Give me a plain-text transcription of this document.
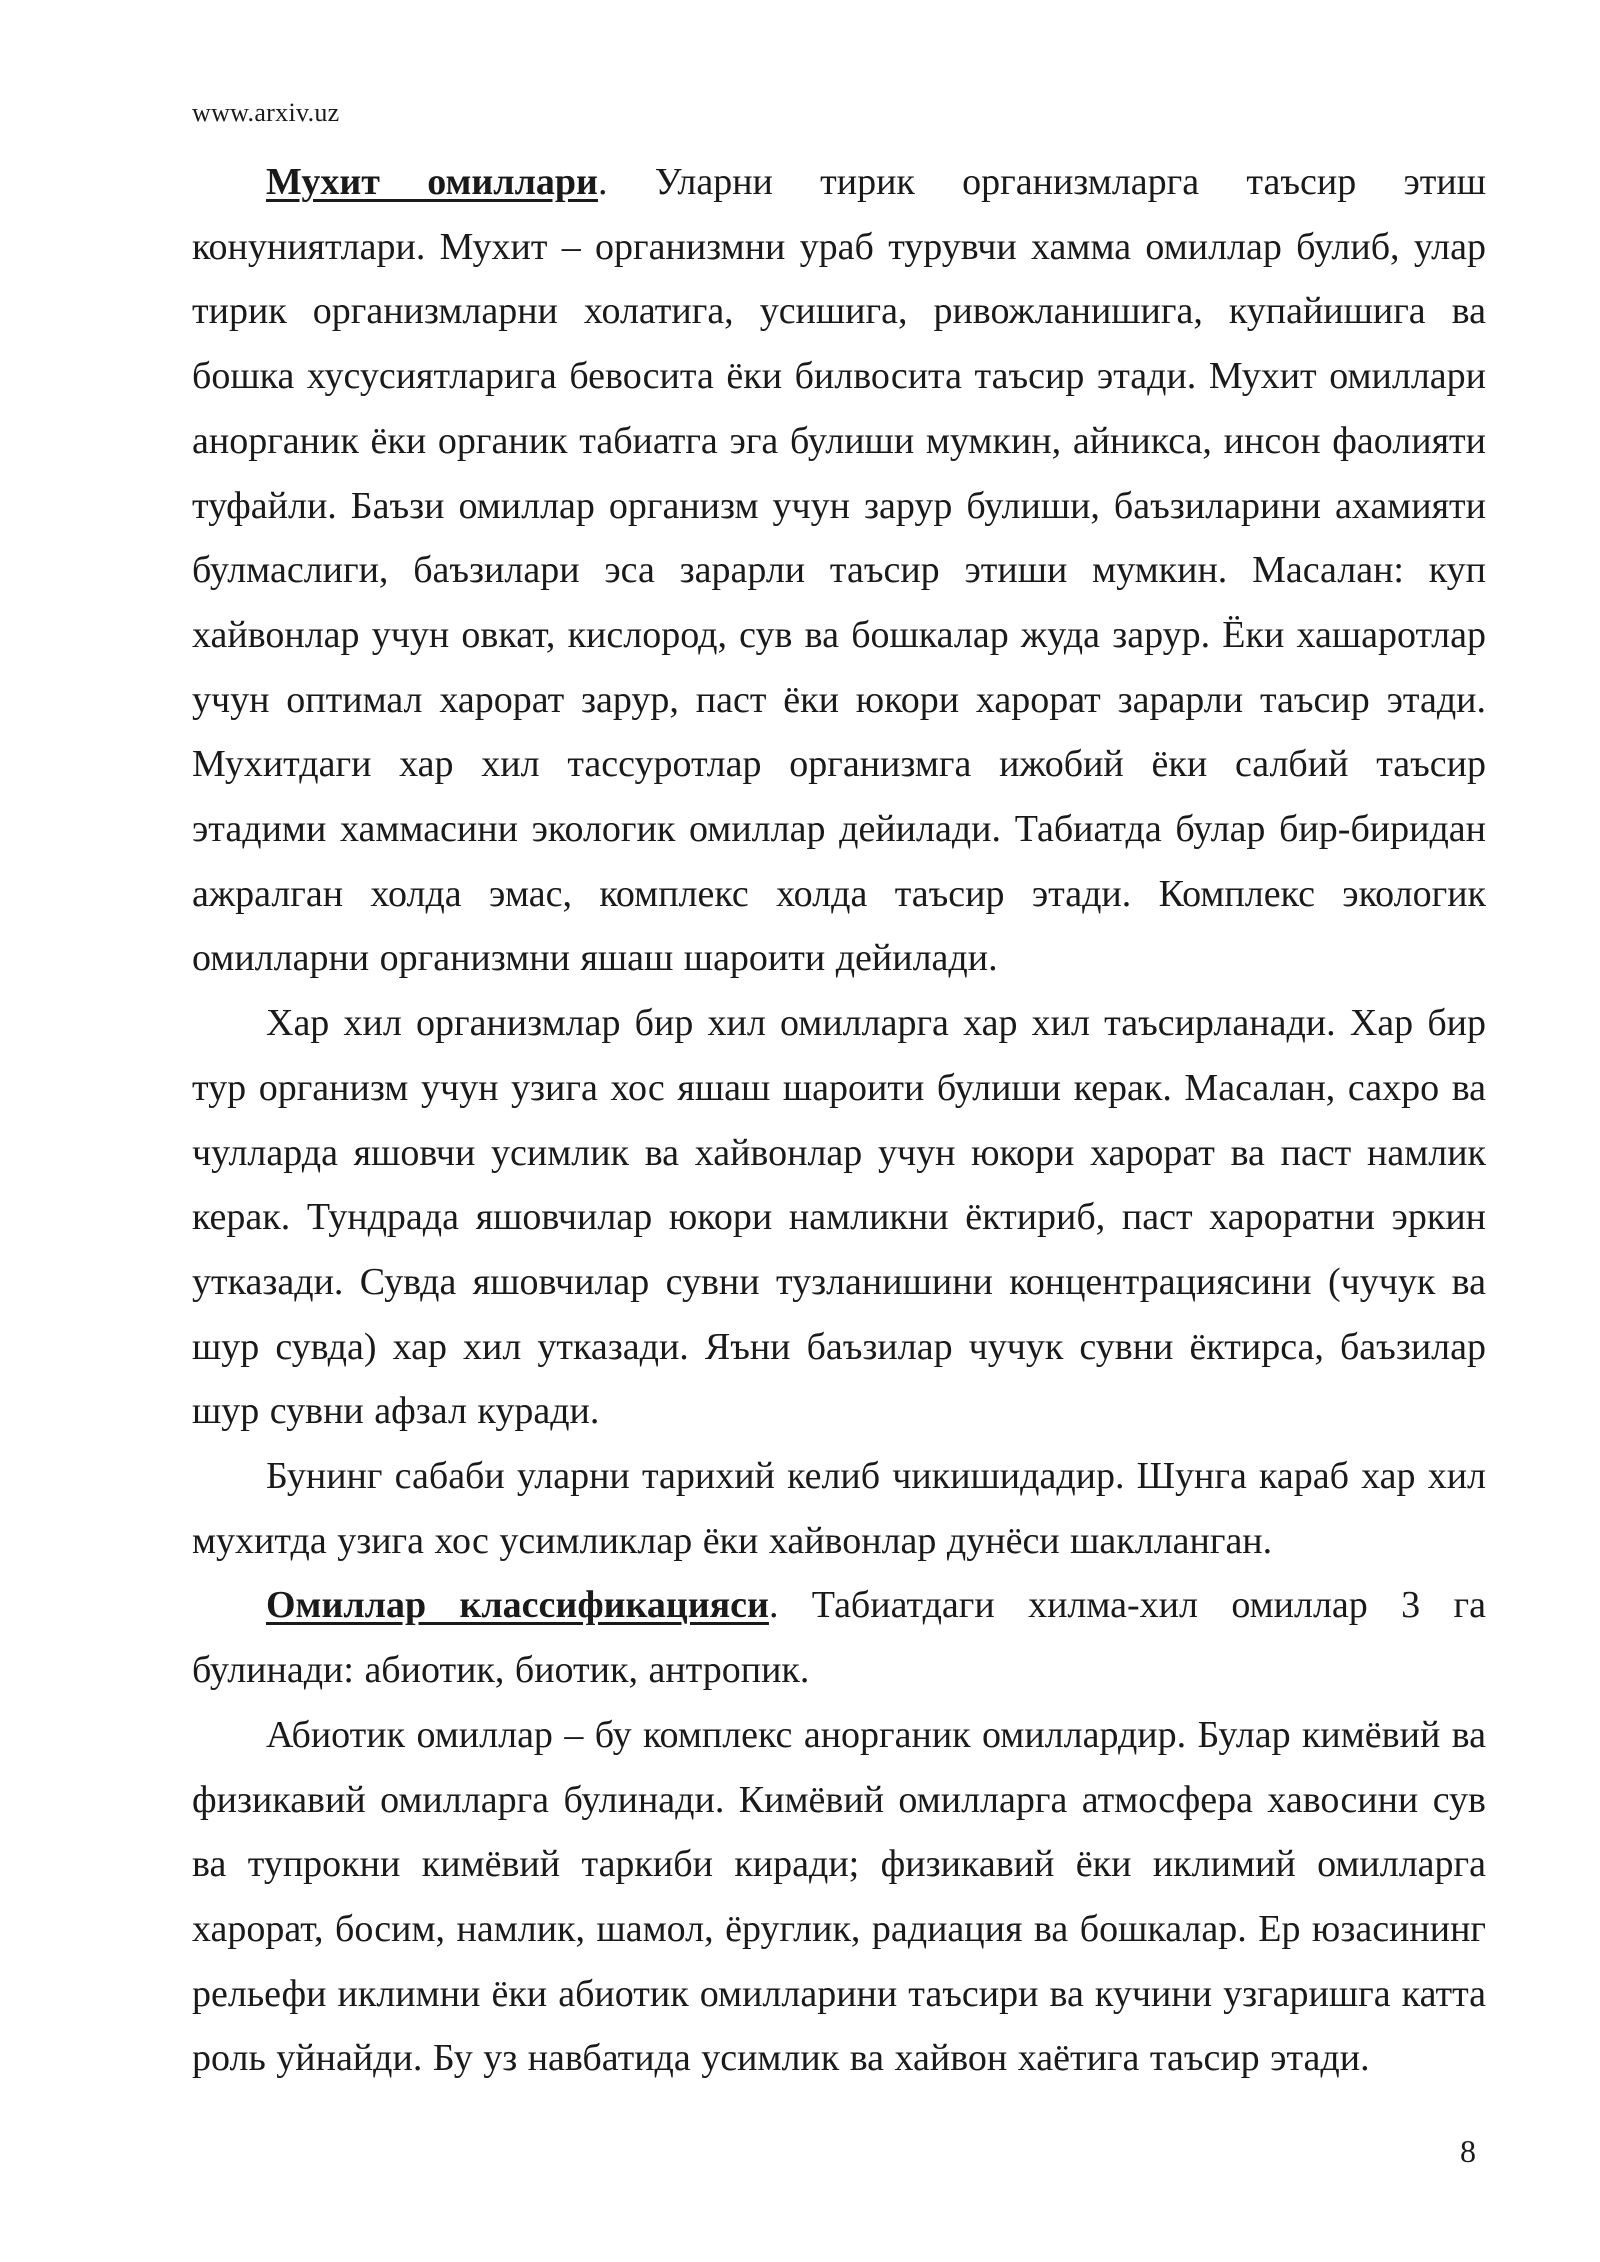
www.arxiv.uz

Мухит омиллари. Уларни тирик организмларга таъсир этиш конуниятлари. Мухит – организмни ураб турувчи хамма омиллар булиб, улар тирик организмларни холатига, усишига, ривожланишига, купайишига ва бошка хусусиятларига бевосита ёки билвосита таъсир этади. Мухит омиллари анорганик ёки органик табиатга эга булиши мумкин, айникса, инсон фаолияти туфайли. Баъзи омиллар организм учун зарур булиши, баъзиларини ахамияти булмаслиги, баъзилари эса зарарли таъсир этиши мумкин. Масалан: куп хайвонлар учун овкат, кислород, сув ва бошкалар жуда зарур. Ёки хашаротлар учун оптимал харорат зарур, паст ёки юкори харорат зарарли таъсир этади. Мухитдаги хар хил тассуротлар организмга ижобий ёки салбий таъсир этадими хаммасини экологик омиллар дейилади. Табиатда булар бир-биридан ажралган холда эмас, комплекс холда таъсир этади. Комплекс экологик омилларни организмни яшаш шароити дейилади.

Хар хил организмлар бир хил омилларга хар хил таъсирланади. Хар бир тур организм учун узига хос яшаш шароити булиши керак. Масалан, сахро ва чулларда яшовчи усимлик ва хайвонлар учун юкори харорат ва паст намлик керак. Тундрада яшовчилар юкори намликни ёктириб, паст хароратни эркин утказади. Сувда яшовчилар сувни тузланишини концентрациясини (чучук ва шур сувда) хар хил утказади. Яъни баъзилар чучук сувни ёктирса, баъзилар шур сувни афзал куради.

Бунинг сабаби уларни тарихий келиб чикишидадир. Шунга караб хар хил мухитда узига хос усимликлар ёки хайвонлар дунёси шаклланган.

Омиллар классификацияси. Табиатдаги хилма-хил омиллар 3 га булинади: абиотик, биотик, антропик.

Абиотик омиллар – бу комплекс анорганик омиллардир. Булар кимёвий ва физикавий омилларга булинади. Кимёвий омилларга атмосфера хавосини сув ва тупрокни кимёвий таркиби киради; физикавий ёки иклимий омилларга харорат, босим, намлик, шамол, ёруглик, радиация ва бошкалар. Ер юзасининг рельефи иклимни ёки абиотик омилларини таъсири ва кучини узгаришга катта роль уйнайди. Бу уз навбатида усимлик ва хайвон хаётига таъсир этади.

8
